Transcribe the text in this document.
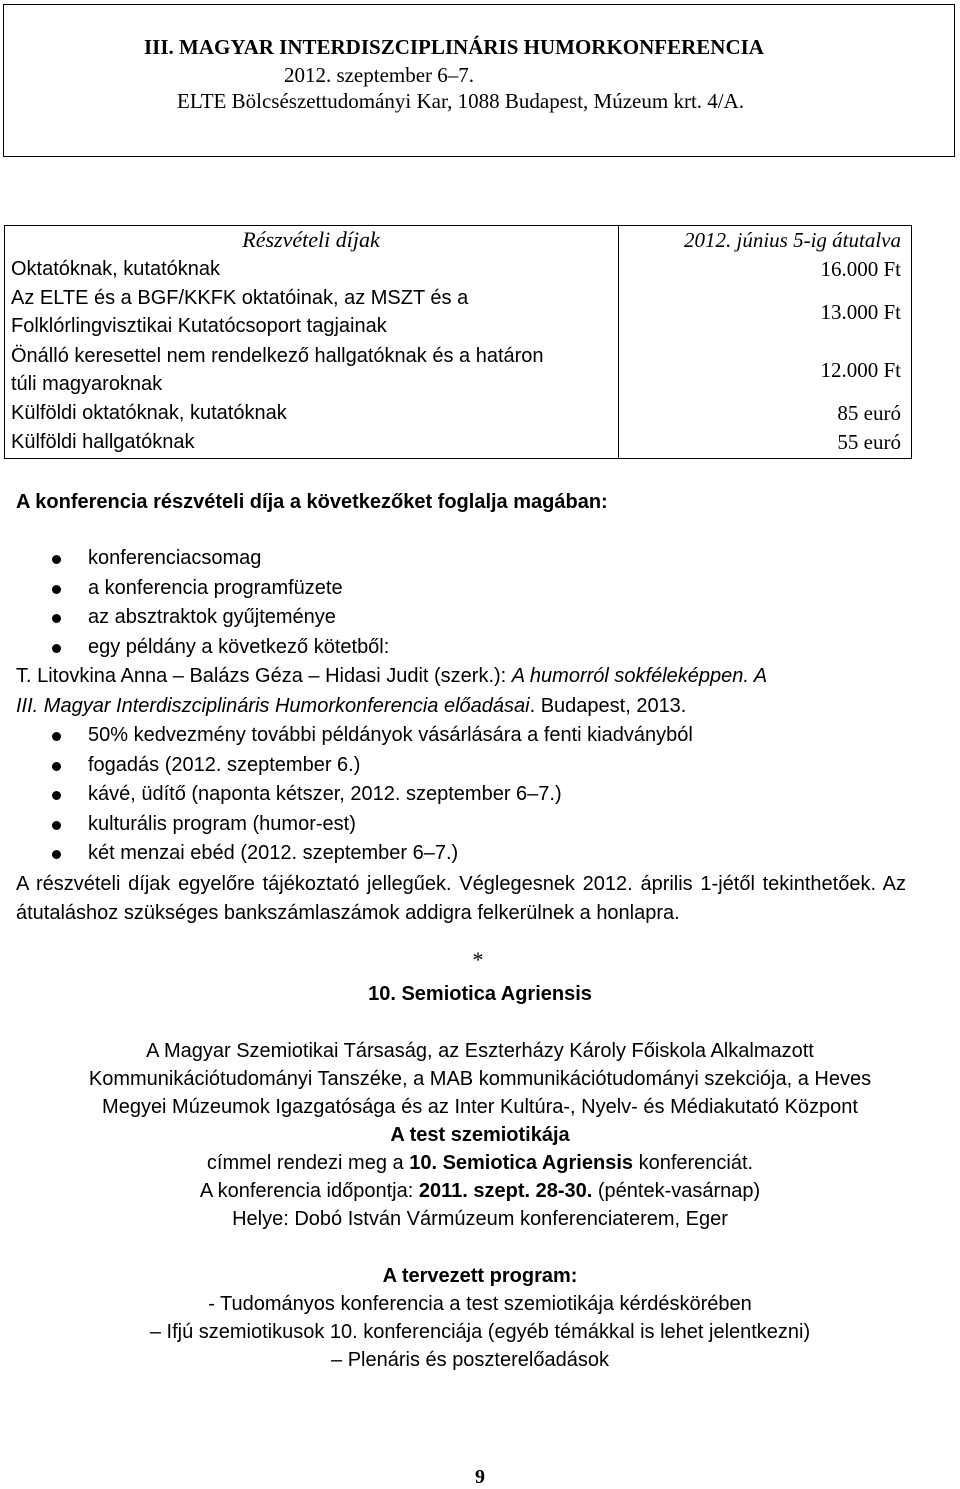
III. MAGYAR INTERDISZCIPLINÁRIS HUMORKONFERENCIA
2012. szeptember 6–7.
ELTE Bölcsészettudományi Kar, 1088 Budapest, Múzeum krt. 4/A.
Részvételi díjak	2012. június 5-ig átutalva
Oktatóknak, kutatóknak	16.000 Ft
Az ELTE és a BGF/KKFK oktatóinak, az MSZT és a
Folklórlingvisztikai Kutatócsoport tagjainak
13.000 Ft
Önálló keresettel nem rendelkező hallgatóknak és a határon
túli magyaroknak
12.000 Ft
Külföldi oktatóknak, kutatóknak	85 euró
Külföldi hallgatóknak	55 euró
A konferencia részvételi díja a következőket foglalja magában:
konferenciacsomag
a konferencia programfüzete
az absztraktok gyűjteménye
egy példány a következő kötetből:
T. Litovkina Anna – Balázs Géza – Hidasi Judit (szerk.): A humorról sokféleképpen. A
III. Magyar Interdiszciplináris Humorkonferencia előadásai. Budapest, 2013.
50% kedvezmény további példányok vásárlására a fenti kiadványból
fogadás (2012. szeptember 6.)
kávé, üdítő (naponta kétszer, 2012. szeptember 6–7.)
kulturális program (humor-est)
két menzai ebéd (2012. szeptember 6–7.)
A részvételi díjak egyelőre tájékoztató jellegűek. Véglegesnek 2012. április 1-jétől tekinthetőek. Az átutaláshoz szükséges bankszámlaszámok addigra felkerülnek a honlapra.
*
10. Semiotica Agriensis
A Magyar Szemiotikai Társaság, az Eszterházy Károly Főiskola Alkalmazott
Kommunikációtudományi Tanszéke, a MAB kommunikációtudományi szekciója, a Heves
Megyei Múzeumok Igazgatósága és az Inter Kultúra-, Nyelv- és Médiakutató Központ
A test szemiotikája
címmel rendezi meg a 10. Semiotica Agriensis konferenciát.
A konferencia időpontja: 2011. szept. 28-30. (péntek-vasárnap)
Helye: Dobó István Vármúzeum konferenciaterem, Eger
A tervezett program:
- Tudományos konferencia a test szemiotikája kérdéskörében
– Ifjú szemiotikusok 10. konferenciája (egyéb témákkal is lehet jelentkezni)
– Plenáris és poszterelőadások
9
